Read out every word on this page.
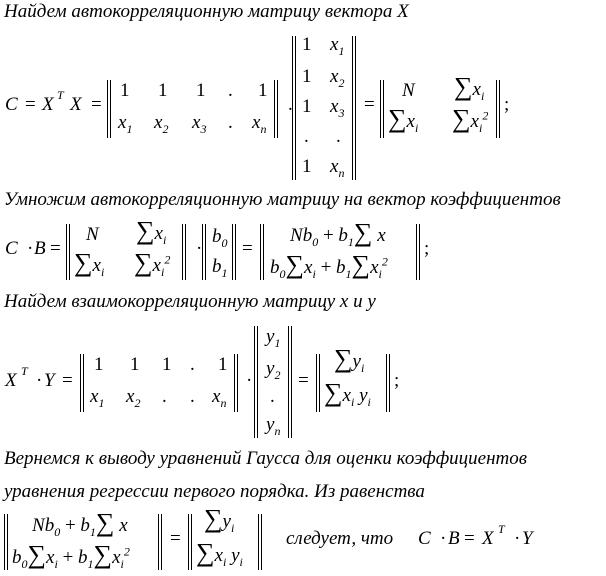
Найдем автокорреляционную матрицу вектора X
C = X T X =
1 1 1 . 1
$x_1$ $x_2$ $x_3$ . $x_n$
.
1 $x_1$
1 $x_2$
1 $x_3$
. .
1 $x_n$
=
N $\sum x_i$
$\sum x_i$ $\sum x_i^2$
;
Умножим автокорреляционную матрицу на вектор коэффициентов
C · B =
N $\sum x_i$
$\sum x_i$ $\sum x_i^2$
·
$b_0$
$b_1$
=
$Nb_0 + b_1\sum$ x
$b_0\sum x_i + b_1\sum x_i^2$
;
Найдем взаимокорреляционную матрицу x и y
X T · Y =
1 1 1 . 1
$x_1$ $x_2$ . . $x_n$
·
$y_1$
$y_2$
.
$y_n$
=
$\sum y_i$
$\sum x_i$ $y_i$
;
Вернемся к выводу уравнений Гаусса для оценки коэффициентов
уравнения регрессии первого порядка. Из равенства
$Nb_0 + b_1\sum$ x
$b_0\sum x_i + b_1\sum x_i^2$
=
$\sum y_i$
$\sum x_i$ $y_i$
следует, что C · B = X T · Y
